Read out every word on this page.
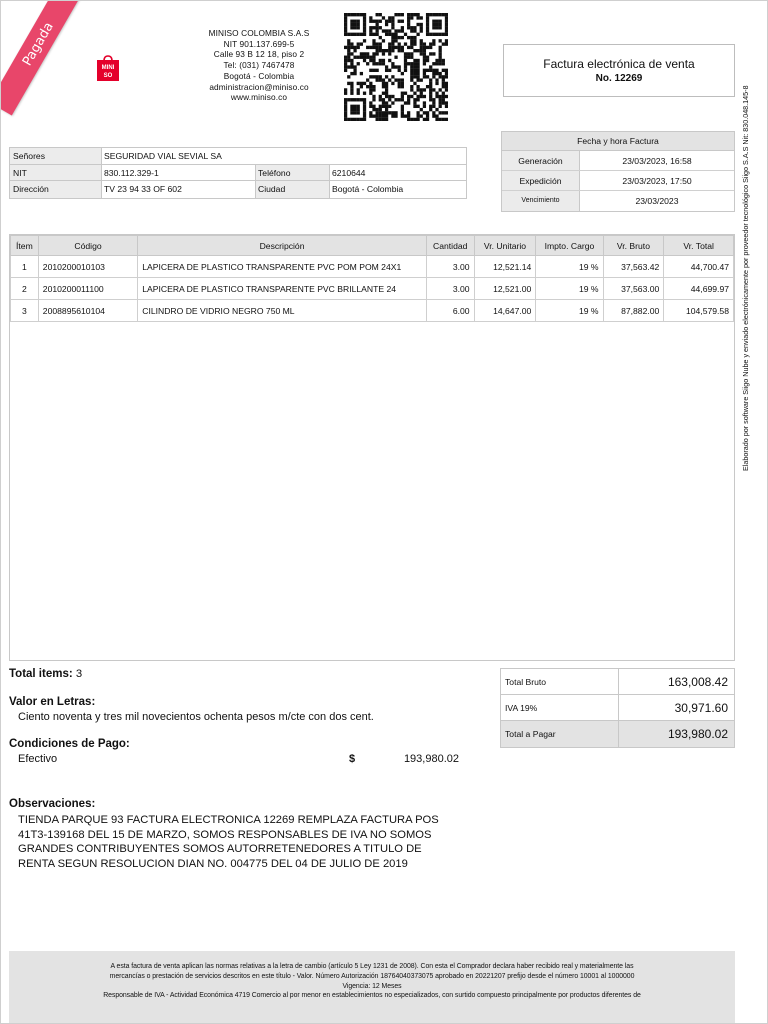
Pagada	MINI
SO
MINISO COLOMBIA S.A.S
NIT 901.137.699-5
Calle 93 B 12 18, piso 2
Tel: (031) 7467478
Bogotá - Colombia
administracion@miniso.co
www.miniso.co
Factura electrónica de venta
No. 12269
Elaborado por software Siigo Nube y enviado electrónicamente por proveedor tecnológico Siigo S.A.S Nit: 830.048.145-8
Fecha y hora Factura
Generación	23/03/2023, 16:58
Expedición	23/03/2023, 17:50
Vencimiento	23/03/2023
Señores	SEGURIDAD VIAL SEVIAL SA
NIT	830.112.329-1	Teléfono	6210644
Dirección	TV 23 94 33 OF 602	Ciudad	Bogotá - Colombia
Ítem	Código	Descripción	Cantidad	Vr. Unitario	Impto. Cargo	Vr. Bruto	Vr. Total
1	2010200010103	LAPICERA DE PLASTICO TRANSPARENTE PVC POM POM 24X1	3.00	12,521.14	19 %	37,563.42	44,700.47
2	2010200011100	LAPICERA DE PLASTICO TRANSPARENTE PVC BRILLANTE 24	3.00	12,521.00	19 %	37,563.00	44,699.97
3	2008895610104	CILINDRO DE VIDRIO NEGRO 750 ML	6.00	14,647.00	19 %	87,882.00	104,579.58
Total items: 3
Valor en Letras:
Ciento noventa y tres mil novecientos ochenta pesos m/cte con dos cent.
Condiciones de Pago:
Efectivo	$	193,980.02
Observaciones:
TIENDA PARQUE 93 FACTURA ELECTRONICA 12269 REMPLAZA FACTURA POS
41T3-139168 DEL 15 DE MARZO, SOMOS RESPONSABLES DE IVA NO SOMOS
GRANDES CONTRIBUYENTES SOMOS AUTORRETENEDORES A TITULO DE
RENTA SEGUN RESOLUCION DIAN NO. 004775 DEL 04 DE JULIO DE 2019
Total Bruto	163,008.42
IVA 19%	30,971.60
Total a Pagar	193,980.02
A esta factura de venta aplican las normas relativas a la letra de cambio (artículo 5 Ley 1231 de 2008). Con esta el Comprador declara haber recibido real y materialmente las
mercancías o prestación de servicios descritos en este título - Valor. Número Autorización 18764040373075 aprobado en 20221207 prefijo desde el número 10001 al 1000000
Vigencia: 12 Meses
Responsable de IVA - Actividad Económica 4719 Comercio al por menor en establecimientos no especializados, con surtido compuesto principalmente por productos diferentes de
